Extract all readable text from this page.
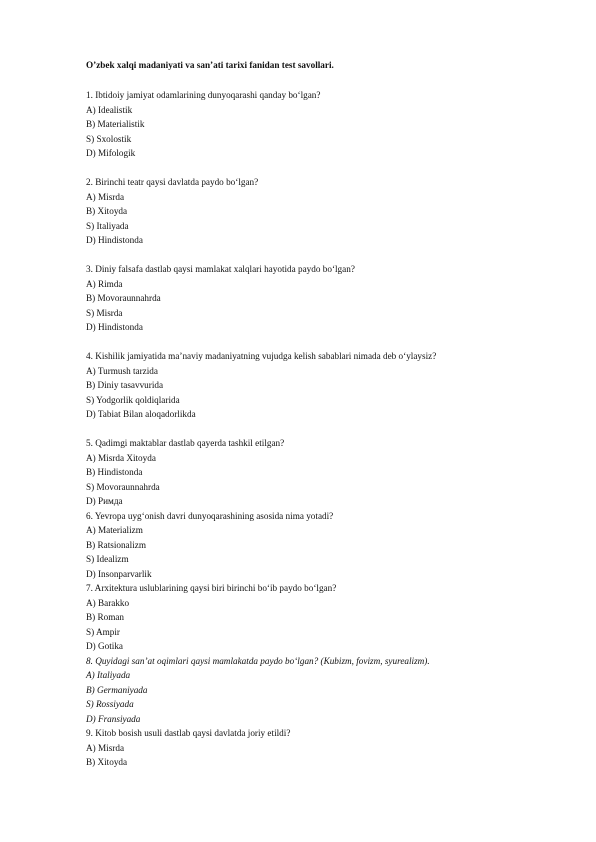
O’zbek xalqi madaniyati va san’ati tarixi fanidan test savollari.
1. Ibtidoiy jamiyat odamlarining dunyoqarashi qanday bo‘lgan?
A) Idealistik
B) Materialistik
S) Sxolostik
D) Mifologik
2. Birinchi teatr qaysi davlatda paydo bo‘lgan?
A) Misrda
B) Xitoyda
S) Italiyada
D) Hindistonda
3. Diniy falsafa dastlab qaysi mamlakat xalqlari hayotida paydo bo‘lgan?
A) Rimda
B) Movoraunnahrda
S) Misrda
D) Hindistonda
4. Kishilik jamiyatida ma’naviy madaniyatning vujudga kelish sabablari nimada deb o‘ylaysiz?
A) Turmush tarzida
B) Diniy tasavvurida
S) Yodgorlik qoldiqlarida
D) Tabiat Bilan aloqadorlikda
5. Qadimgi maktablar dastlab qayerda tashkil etilgan?
A) Misrda Xitoyda
B) Hindistonda
S) Movoraunnahrda
D) Римда
6. Yevropa uyg‘onish davri dunyoqarashining asosida nima yotadi?
A) Materializm
B) Ratsionalizm
S) Idealizm
D) Insonparvarlik
7. Arxitektura uslublarining qaysi biri birinchi bo‘ib paydo bo‘lgan?
A) Barakko
B) Roman
S) Ampir
D) Gotika
8. Quyidagi san’at oqimlari qaysi mamlakatda paydo bo‘lgan? (Kubizm, fovizm, syurealizm).
A) Italiyada
B) Germaniyada
S) Rossiyada
D) Fransiyada
9. Kitob bosish usuli dastlab qaysi davlatda joriy etildi?
A) Misrda
B) Xitoyda
